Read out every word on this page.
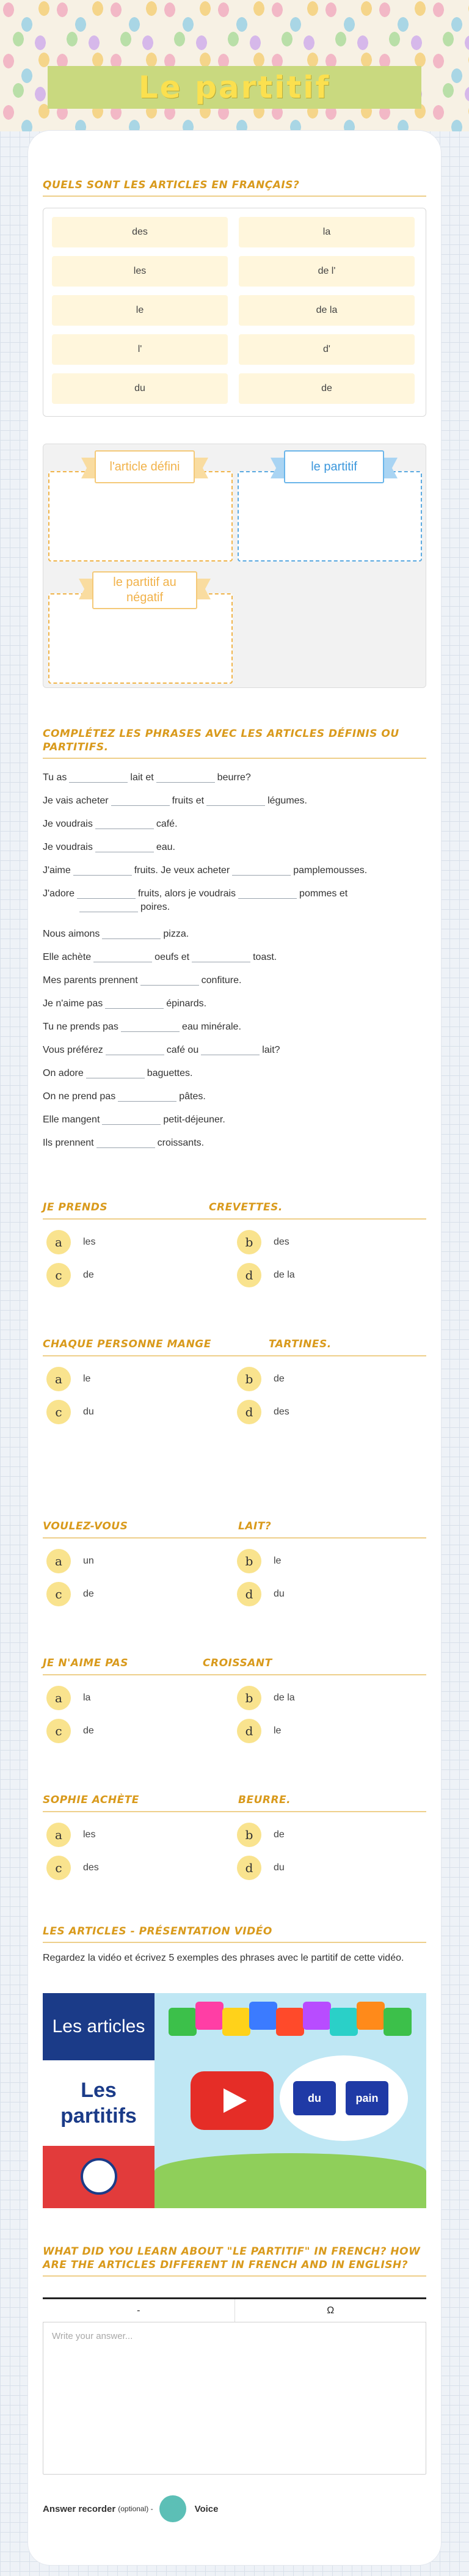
Le partitif
QUELS SONT LES ARTICLES EN FRANÇAIS?
des	la
les	de l'
le	de la
l'	d'
du	de
l'article défini	le partitif
le partitif au négatif
COMPLÉTEZ LES PHRASES AVEC LES ARTICLES DÉFINIS OU PARTITIFS.
Tu as	lait et	beurre?
Je vais acheter	fruits et	légumes.
Je voudrais	café.
Je voudrais	eau.
J'aime	fruits. Je veux acheter	pamplemousses.
J'adore	fruits, alors je voudrais	pommes etpoires.
Nous aimons	pizza.
Elle achète	oeufs et	toast.
Mes parents prennent	confiture.
Je n'aime pas	épinards.
Tu ne prends pas	eau minérale.
Vous préférez	café ou	lait?
On adore	baguettes.
On ne prend pas	pâtes.
Elle mangent	petit-déjeuner.
Ils prennent	croissants.
JE PRENDS	CREVETTES.
a	les	b	des
c	de	d	de la
CHAQUE PERSONNE MANGE	TARTINES.
a	le	b	de
c	du	d	des
VOULEZ-VOUS	LAIT?
a	un	b	le
c	de	d	du
JE N'AIME PAS	CROISSANT
a	la	b	de la
c	de	d	le
SOPHIE ACHÈTE	BEURRE.
a	les	b	de
c	des	d	du
LES ARTICLES - PRÉSENTATION VIDÉO
Regardez la vidéo et écrivez 5 exemples des phrases avec le partitif de cette vidéo.
Les articles
Les partitifs
du	pain
WHAT DID YOU LEARN ABOUT "LE PARTITIF" IN FRENCH? HOW ARE THE ARTICLES DIFFERENT IN FRENCH AND IN ENGLISH?
-	Ω
Write your answer...
Answer recorder (optional) -	Voice
